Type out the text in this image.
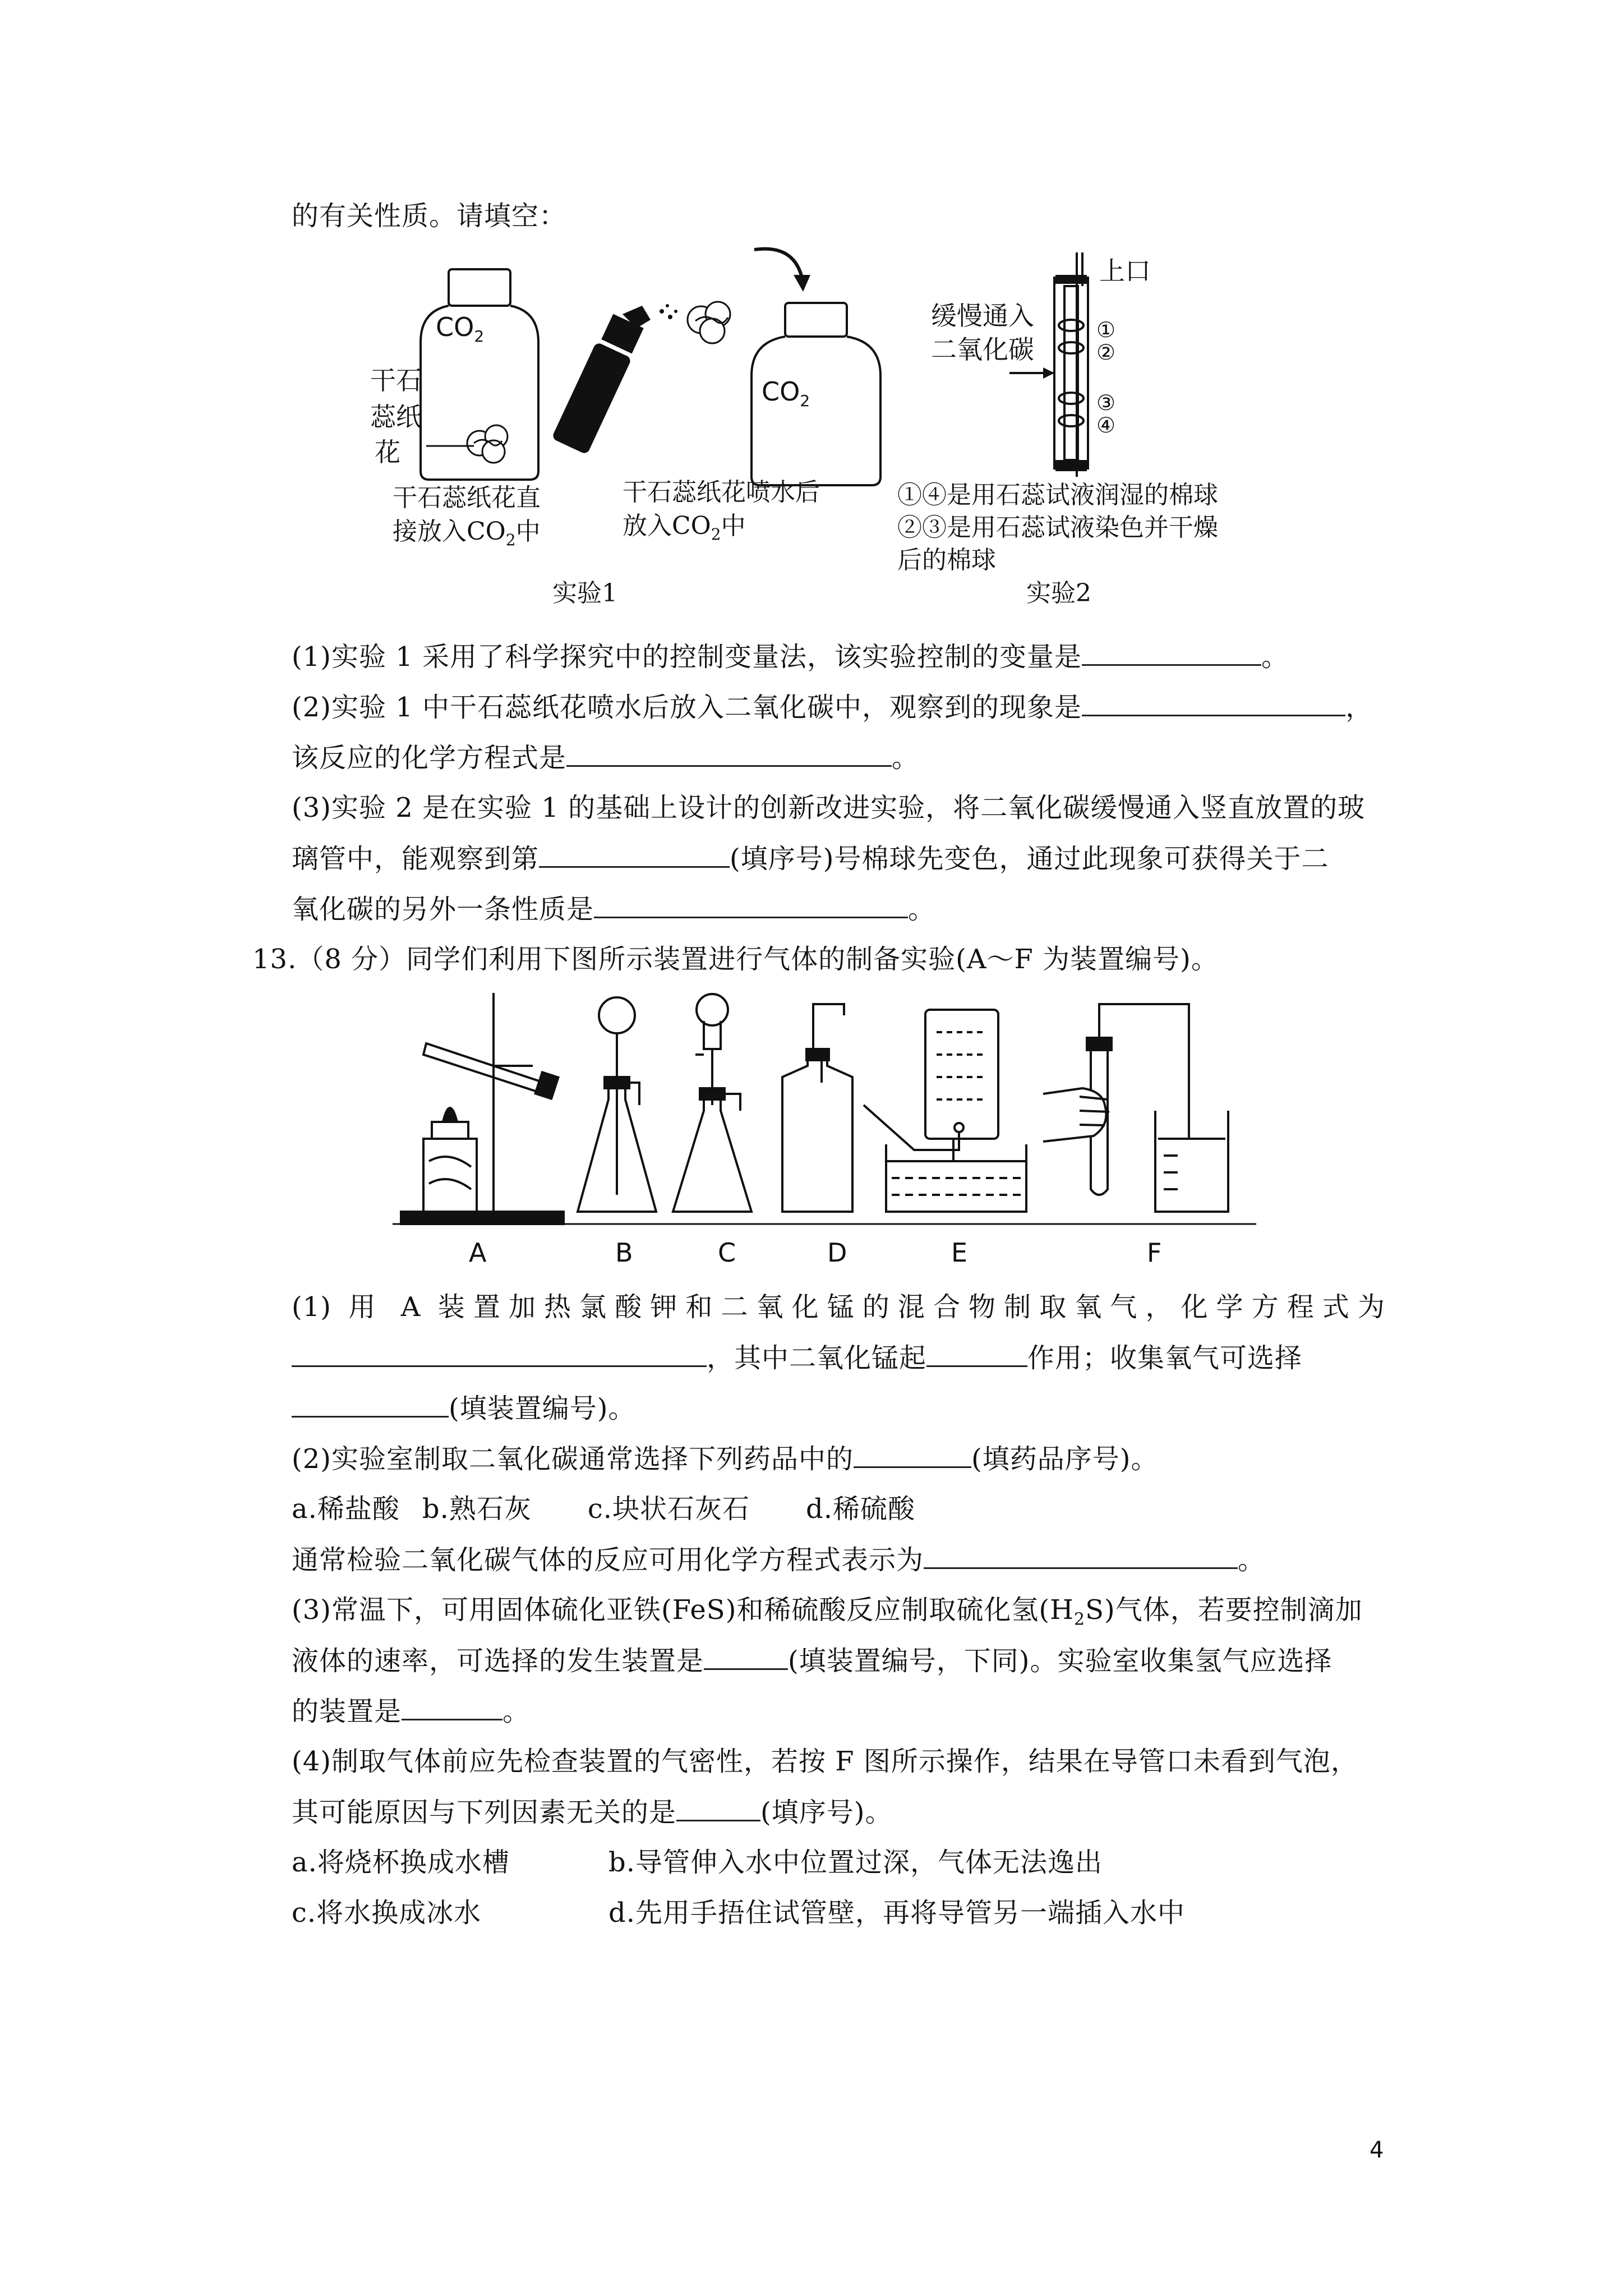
的有关性质。请填空：
$CO_2$
$CO_2$
干石
蕊纸
花
干石蕊纸花直
接放入$CO_2$中
干石蕊纸花喷水后
放入$CO_2$中
实验1
上口
缓慢通入
二氧化碳
①
②
③
④
①④是用石蕊试液润湿的棉球
②③是用石蕊试液染色并干燥
后的棉球
实验2
(1)实验 1 采用了科学探究中的控制变量法，该实验控制的变量是	。
(2)实验 1 中干石蕊纸花喷水后放入二氧化碳中，观察到的现象是	，
该反应的化学方程式是	。
(3)实验 2 是在实验 1 的基础上设计的创新改进实验，将二氧化碳缓慢通入竖直放置的玻
璃管中，能观察到第	(填序号)号棉球先变色，通过此现象可获得关于二
氧化碳的另外一条性质是	。
13.（8 分）同学们利用下图所示装置进行气体的制备实验(A～F 为装置编号)。
A	B	C	D	E	F
(1) 用 A 装置加热氯酸钾和二氧化锰的混合物制取氧气，化学方程式为
，其中二氧化锰起	作用；收集氧气可选择
(填装置编号)。
(2)实验室制取二氧化碳通常选择下列药品中的	(填药品序号)。
a.稀盐酸 b.熟石灰 c.块状石灰石 d.稀硫酸
通常检验二氧化碳气体的反应可用化学方程式表示为	。
(3)常温下，可用固体硫化亚铁(FeS)和稀硫酸反应制取硫化氢$(H_2S)$气体，若要控制滴加
液体的速率，可选择的发生装置是	(填装置编号，下同)。实验室收集氢气应选择
的装置是	。
(4)制取气体前应先检查装置的气密性，若按 F 图所示操作，结果在导管口未看到气泡，
其可能原因与下列因素无关的是	(填序号)。
a.将烧杯换成水槽	b.导管伸入水中位置过深，气体无法逸出
c.将水换成冰水	d.先用手捂住试管壁，再将导管另一端插入水中
4
